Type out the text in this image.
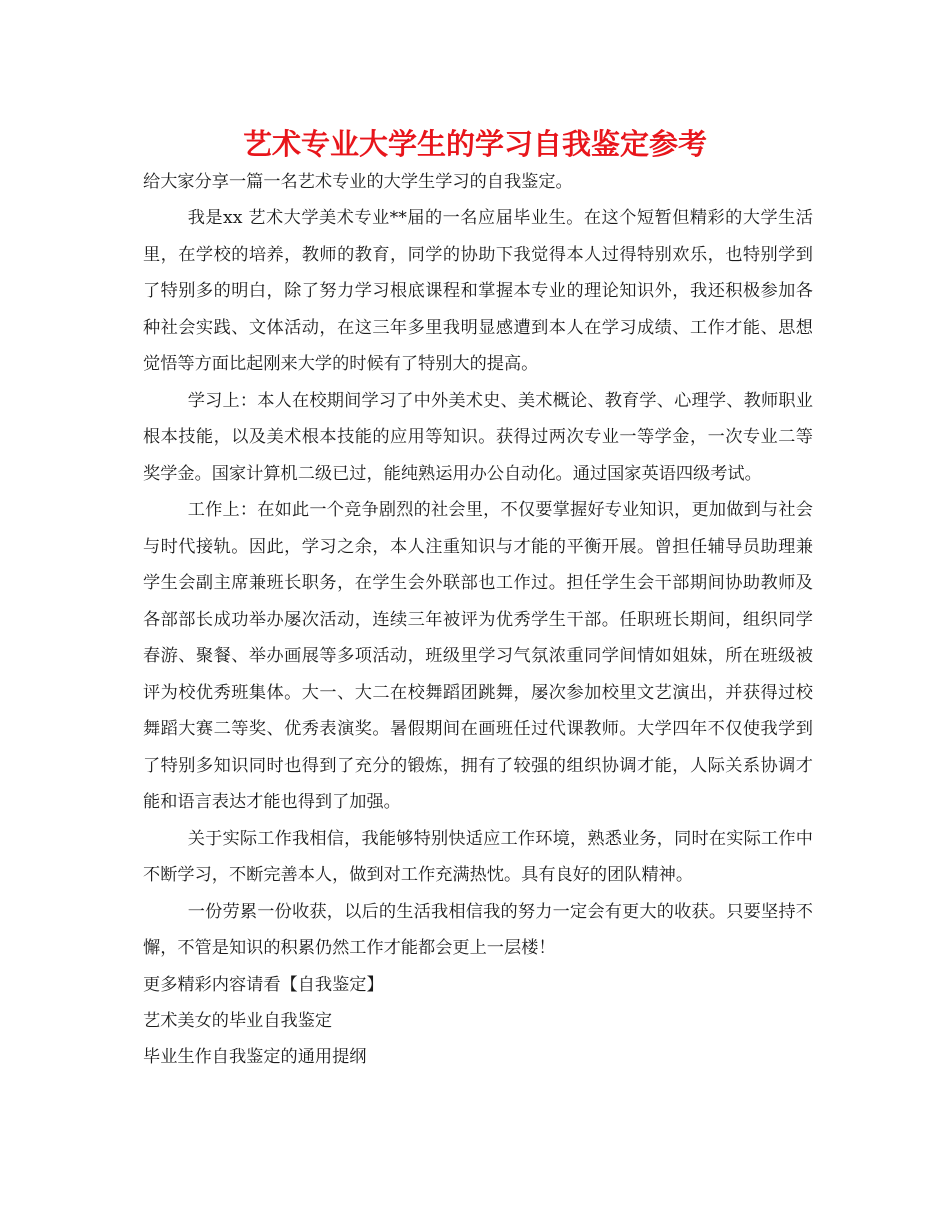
艺术专业大学生的学习自我鉴定参考

给大家分享一篇一名艺术专业的大学生学习的自我鉴定。

我是xx 艺术大学美术专业**届的一名应届毕业生。在这个短暂但精彩的大学生活里，在学校的培养，教师的教育，同学的协助下我觉得本人过得特别欢乐，也特别学到了特别多的明白，除了努力学习根底课程和掌握本专业的理论知识外，我还积极参加各种社会实践、文体活动，在这三年多里我明显感遭到本人在学习成绩、工作才能、思想觉悟等方面比起刚来大学的时候有了特别大的提高。

学习上：本人在校期间学习了中外美术史、美术概论、教育学、心理学、教师职业根本技能，以及美术根本技能的应用等知识。获得过两次专业一等学金，一次专业二等奖学金。国家计算机二级已过，能纯熟运用办公自动化。通过国家英语四级考试。

工作上：在如此一个竞争剧烈的社会里，不仅要掌握好专业知识，更加做到与社会与时代接轨。因此，学习之余，本人注重知识与才能的平衡开展。曾担任辅导员助理兼学生会副主席兼班长职务，在学生会外联部也工作过。担任学生会干部期间协助教师及各部部长成功举办屡次活动，连续三年被评为优秀学生干部。任职班长期间，组织同学春游、聚餐、举办画展等多项活动，班级里学习气氛浓重同学间情如姐妹，所在班级被评为校优秀班集体。大一、大二在校舞蹈团跳舞，屡次参加校里文艺演出，并获得过校舞蹈大赛二等奖、优秀表演奖。暑假期间在画班任过代课教师。大学四年不仅使我学到了特别多知识同时也得到了充分的锻炼，拥有了较强的组织协调才能，人际关系协调才能和语言表达才能也得到了加强。

关于实际工作我相信，我能够特别快适应工作环境，熟悉业务，同时在实际工作中不断学习，不断完善本人，做到对工作充满热忱。具有良好的团队精神。

一份劳累一份收获，以后的生活我相信我的努力一定会有更大的收获。只要坚持不懈，不管是知识的积累仍然工作才能都会更上一层楼！

更多精彩内容请看【自我鉴定】

艺术美女的毕业自我鉴定

毕业生作自我鉴定的通用提纲
